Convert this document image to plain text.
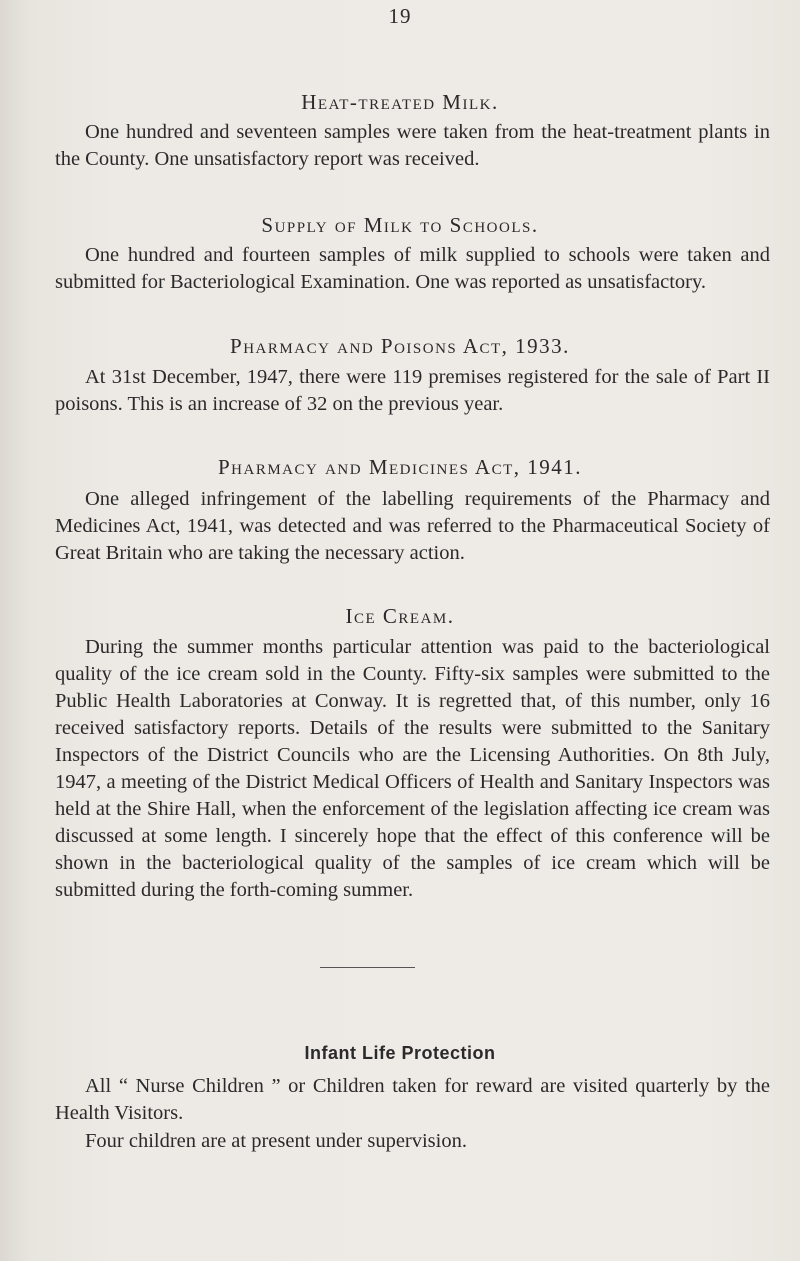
19
Heat-treated Milk.
One hundred and seventeen samples were taken from the heat-treatment plants in the County. One unsatisfactory report was received.
Supply of Milk to Schools.
One hundred and fourteen samples of milk supplied to schools were taken and submitted for Bacteriological Examination. One was reported as unsatisfactory.
Pharmacy and Poisons Act, 1933.
At 31st December, 1947, there were 119 premises registered for the sale of Part II poisons. This is an increase of 32 on the previous year.
Pharmacy and Medicines Act, 1941.
One alleged infringement of the labelling requirements of the Pharmacy and Medicines Act, 1941, was detected and was referred to the Pharmaceutical Society of Great Britain who are taking the necessary action.
Ice Cream.
During the summer months particular attention was paid to the bacteriological quality of the ice cream sold in the County. Fifty-six samples were submitted to the Public Health Laboratories at Conway. It is regretted that, of this number, only 16 received satisfactory reports. Details of the results were submitted to the Sanitary Inspectors of the District Councils who are the Licensing Authorities. On 8th July, 1947, a meeting of the District Medical Officers of Health and Sanitary Inspectors was held at the Shire Hall, when the enforcement of the legislation affecting ice cream was discussed at some length. I sincerely hope that the effect of this conference will be shown in the bacteriological quality of the samples of ice cream which will be submitted during the forth-coming summer.
Infant Life Protection
All “ Nurse Children ” or Children taken for reward are visited quarterly by the Health Visitors.
Four children are at present under supervision.
